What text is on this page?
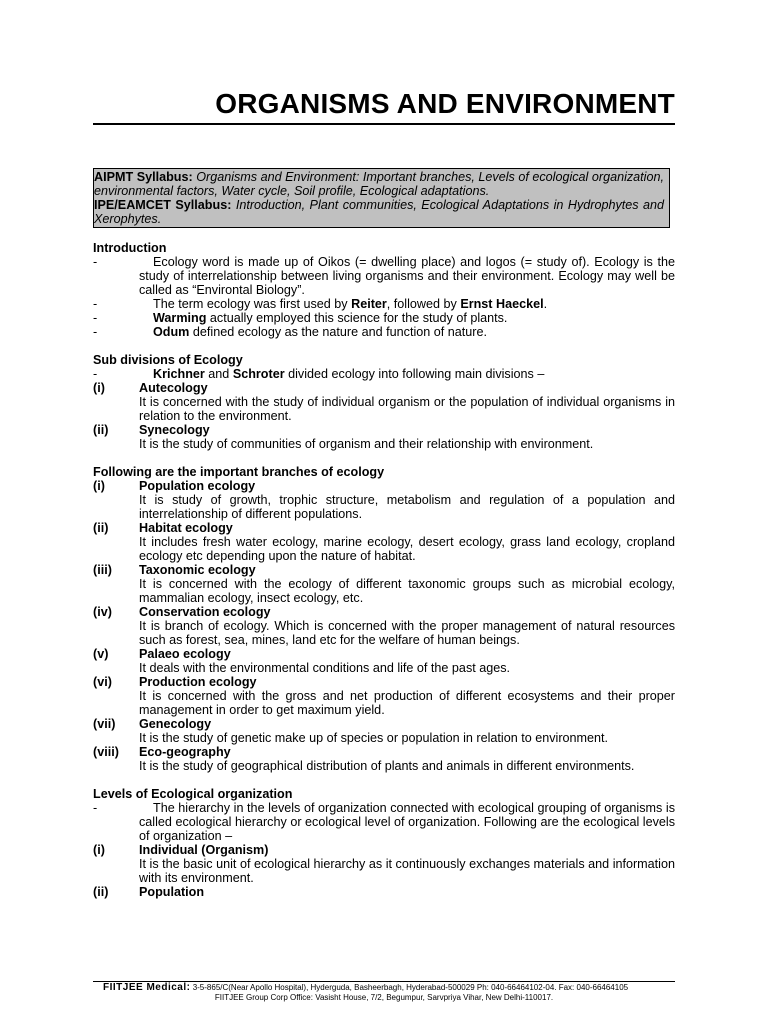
ORGANISMS AND ENVIRONMENT

AIPMT Syllabus: Organisms and Environment: Important branches, Levels of ecological organization, environmental factors, Water cycle, Soil profile, Ecological adaptations.

IPE/EAMCET Syllabus: Introduction, Plant communities, Ecological Adaptations in Hydrophytes and Xerophytes.

Introduction
-	Ecology word is made up of Oikos (= dwelling place) and logos (= study of). Ecology is the study of interrelationship between living organisms and their environment. Ecology may well be called as “Environtal Biology”.
-	The term ecology was first used by Reiter, followed by Ernst Haeckel.
-	Warming actually employed this science for the study of plants.
-	Odum defined ecology as the nature and function of nature.
Sub divisions of Ecology
-	Krichner and Schroter divided ecology into following main divisions –
(i)	Autecology
It is concerned with the study of individual organism or the population of individual organisms in relation to the environment.
(ii) Synecology
It is the study of communities of organism and their relationship with environment.
Following are the important branches of ecology
(i)	Population ecology
It is study of growth, trophic structure, metabolism and regulation of a population and interrelationship of different populations.
(ii) Habitat ecology
It includes fresh water ecology, marine ecology, desert ecology, grass land ecology, cropland ecology etc depending upon the nature of habitat.
(iii) Taxonomic ecology
It is concerned with the ecology of different taxonomic groups such as microbial ecology, mammalian ecology, insect ecology, etc.
(iv) Conservation ecology
It is branch of ecology. Which is concerned with the proper management of natural resources such as forest, sea, mines, land etc for the welfare of human beings.
(v) Palaeo ecology
It deals with the environmental conditions and life of the past ages.
(vi) Production ecology
It is concerned with the gross and net production of different ecosystems and their proper management in order to get maximum yield.
(vii) Genecology
It is the study of genetic make up of species or population in relation to environment.
(viii) Eco-geography
It is the study of geographical distribution of plants and animals in different environments.
Levels of Ecological organization
-	The hierarchy in the levels of organization connected with ecological grouping of organisms is called ecological hierarchy or ecological level of organization. Following are the ecological levels of organization –
(i)	Individual (Organism)
It is the basic unit of ecological hierarchy as it continuously exchanges materials and information with its environment.
(ii) Population
FIITJEE Medical: 3-5-865/C(Near Apollo Hospital), Hyderguda, Basheerbagh, Hyderabad-500029 Ph: 040-66464102-04. Fax: 040-66464105
FIITJEE Group Corp Office: Vasisht House, 7/2, Begumpur, Sarvpriya Vihar, New Delhi-110017.
